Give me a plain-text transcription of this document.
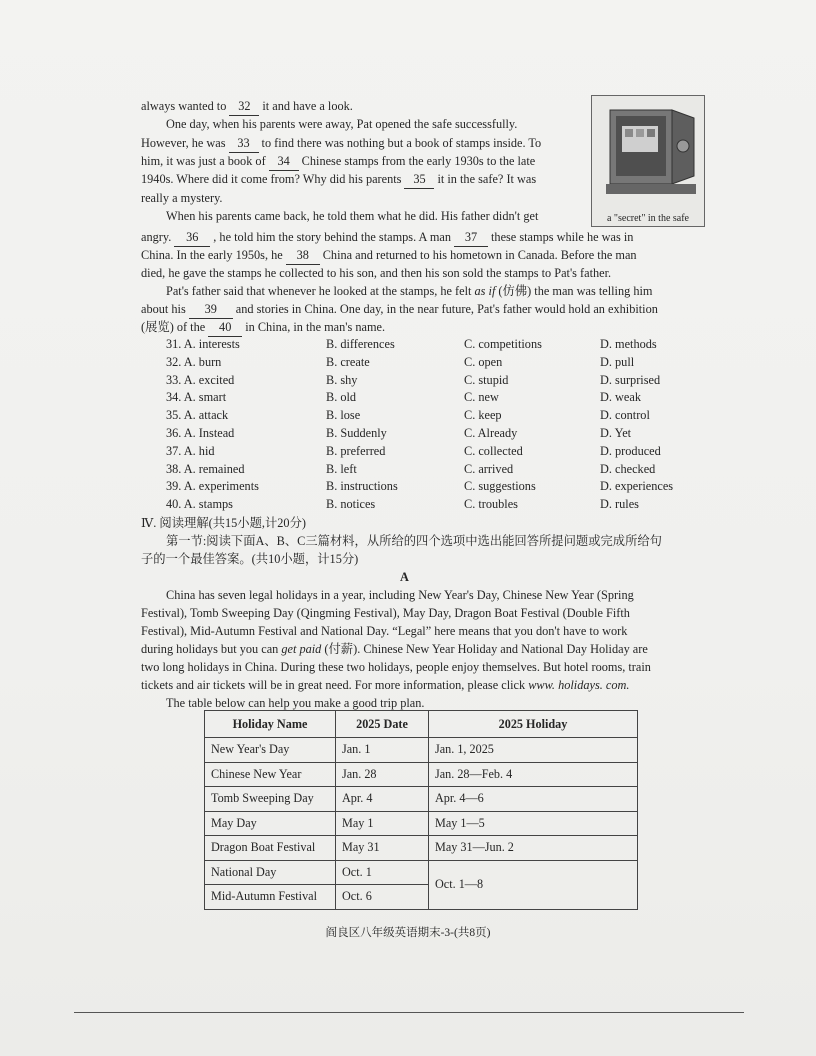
always wanted to 32 it and have a look.
One day, when his parents were away, Pat opened the safe successfully.
However, he was 33 to find there was nothing but a book of stamps inside. To
him, it was just a book of 34 Chinese stamps from the early 1930s to the late
1940s. Where did it come from? Why did his parents 35 it in the safe? It was
really a mystery.
a "secret" in the safe
When his parents came back, he told them what he did. His father didn't get
angry. 36 , he told him the story behind the stamps. A man 37 these stamps while he was in
China. In the early 1950s, he 38 China and returned to his hometown in Canada. Before the man
died, he gave the stamps he collected to his son, and then his son sold the stamps to Pat's father.
Pat's father said that whenever he looked at the stamps, he felt as if (仿佛) the man was telling him
about his 39 and stories in China. One day, in the near future, Pat's father would hold an exhibition
(展览) of the 40 in China, in the man's name.
31. A. interests	B. differences	C. competitions	D. methods
32. A. burn	B. create	C. open	D. pull
33. A. excited	B. shy	C. stupid	D. surprised
34. A. smart	B. old	C. new	D. weak
35. A. attack	B. lose	C. keep	D. control
36. A. Instead	B. Suddenly	C. Already	D. Yet
37. A. hid	B. preferred	C. collected	D. produced
38. A. remained	B. left	C. arrived	D. checked
39. A. experiments	B. instructions	C. suggestions	D. experiences
40. A. stamps	B. notices	C. troubles	D. rules
Ⅳ. 阅读理解(共15小题,计20分)
第一节:阅读下面A、B、C三篇材料，从所给的四个选项中选出能回答所提问题或完成所给句
子的一个最佳答案。(共10小题，计15分)
A
China has seven legal holidays in a year, including New Year's Day, Chinese New Year (Spring
Festival), Tomb Sweeping Day (Qingming Festival), May Day, Dragon Boat Festival (Double Fifth
Festival), Mid-Autumn Festival and National Day. “Legal” here means that you don't have to work
during holidays but you can get paid (付薪). Chinese New Year Holiday and National Day Holiday are
two long holidays in China. During these two holidays, people enjoy themselves. But hotel rooms, train
tickets and air tickets will be in great need. For more information, please click www. holidays. com.
The table below can help you make a good trip plan.
Holiday Name	2025 Date	2025 Holiday
New Year's Day	Jan. 1	Jan. 1, 2025
Chinese New Year	Jan. 28	Jan. 28—Feb. 4
Tomb Sweeping Day	Apr. 4	Apr. 4—6
May Day	May 1	May 1—5
Dragon Boat Festival	May 31	May 31—Jun. 2
National Day	Oct. 1	Oct. 1—8
Mid-Autumn Festival	Oct. 6	
阎良区八年级英语期末-3-(共8页)
